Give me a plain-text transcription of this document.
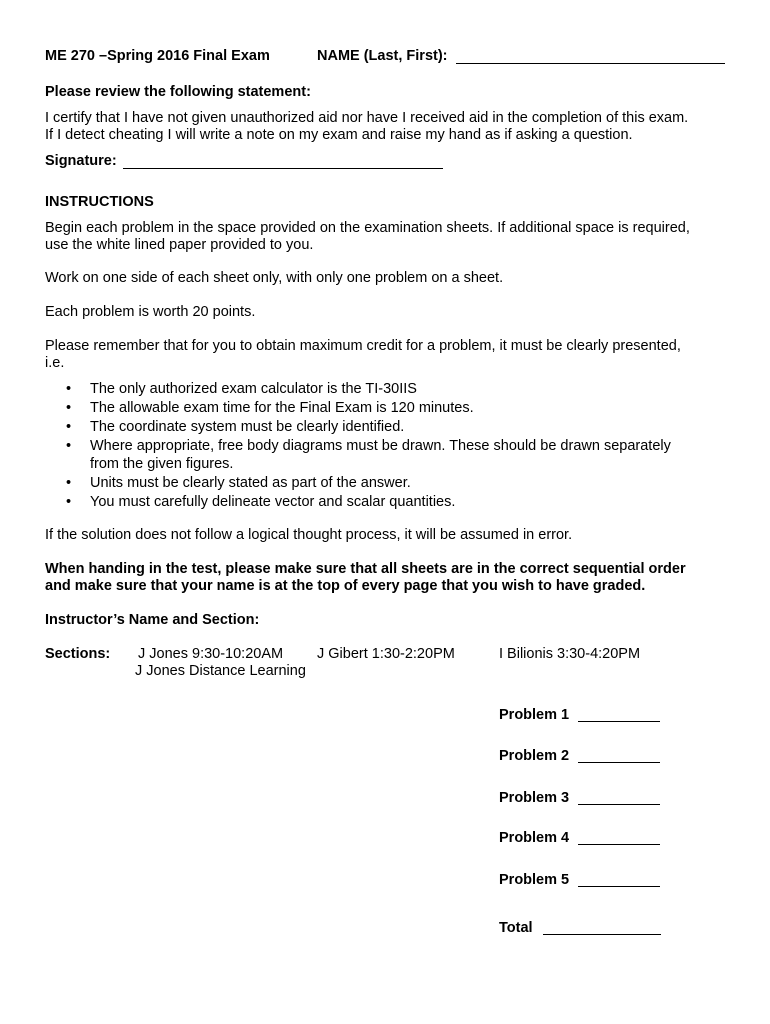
ME 270 –Spring 2016 Final Exam	NAME (Last, First):
Please review the following statement:
I certify that I have not given unauthorized aid nor have I received aid in the completion of this exam.
If I detect cheating I will write a note on my exam and raise my hand as if asking a question.
Signature:
INSTRUCTIONS
Begin each problem in the space provided on the examination sheets. If additional space is required,
use the white lined paper provided to you.
Work on one side of each sheet only, with only one problem on a sheet.
Each problem is worth 20 points.
Please remember that for you to obtain maximum credit for a problem, it must be clearly presented,
i.e.
• The only authorized exam calculator is the TI-30IIS
• The allowable exam time for the Final Exam is 120 minutes.
• The coordinate system must be clearly identified.
• Where appropriate, free body diagrams must be drawn. These should be drawn separately
from the given figures.
• Units must be clearly stated as part of the answer.
• You must carefully delineate vector and scalar quantities.
If the solution does not follow a logical thought process, it will be assumed in error.
When handing in the test, please make sure that all sheets are in the correct sequential order
and make sure that your name is at the top of every page that you wish to have graded.
Instructor’s Name and Section:
Sections: J Jones 9:30-10:20AM J Gibert 1:30-2:20PM	I Bilionis 3:30-4:20PM
J Jones Distance Learning
Problem 1
Problem 2
Problem 3
Problem 4
Problem 5
Total
